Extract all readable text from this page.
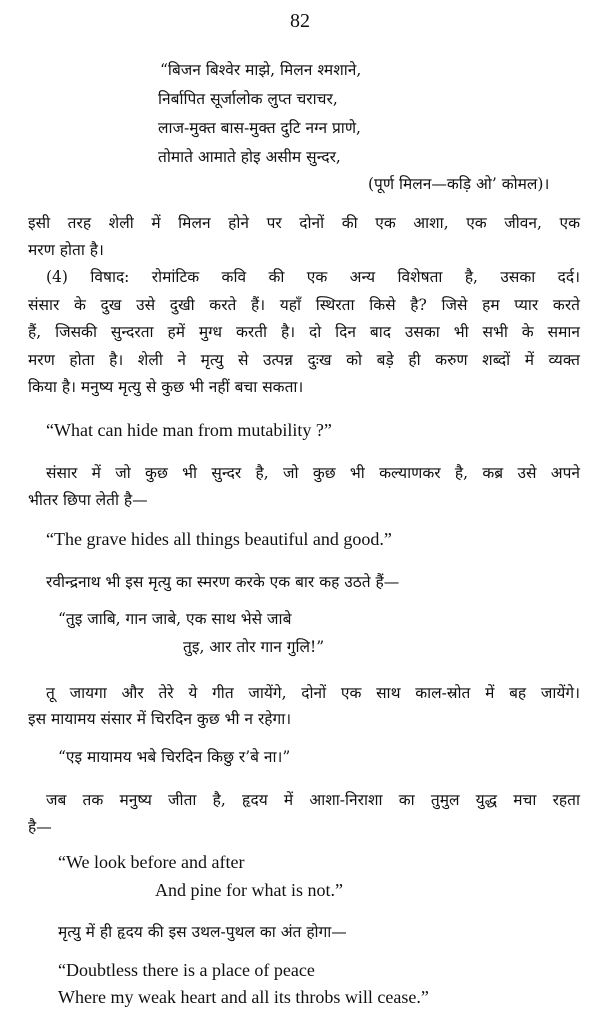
82
“बिजन बिश्वेर माझे, मिलन श्मशाने,
निर्बापित सूर्जालोक लुप्त चराचर,
लाज-मुक्त बास-मुक्त दुटि नग्न प्राणे,
तोमाते आमाते होइ असीम सुन्दर,
(पूर्ण मिलन—कड़ि ओ’ कोमल)।
इसी तरह शेली में मिलन होने पर दोनों की एक आशा, एक जीवन, एक
मरण होता है।
(4) विषाद: रोमांटिक कवि की एक अन्य विशेषता है, उसका दर्द।
संसार के दुख उसे दुखी करते हैं। यहाँ स्थिरता किसे है? जिसे हम प्यार करते
हैं, जिसकी सुन्दरता हमें मुग्ध करती है। दो दिन बाद उसका भी सभी के समान
मरण होता है। शेली ने मृत्यु से उत्पन्न दुःख को बड़े ही करुण शब्दों में व्यक्त
किया है। मनुष्य मृत्यु से कुछ भी नहीं बचा सकता।
“What can hide man from mutability ?”
संसार में जो कुछ भी सुन्दर है, जो कुछ भी कल्याणकर है, कब्र उसे अपने
भीतर छिपा लेती है—
“The grave hides all things beautiful and good.”
रवीन्द्रनाथ भी इस मृत्यु का स्मरण करके एक बार कह उठते हैं—
“तुइ जाबि, गान जाबे, एक साथ भेसे जाबे
तुइ, आर तोर गान गुलि!”
तू जायगा और तेरे ये गीत जायेंगे, दोनों एक साथ काल-स्रोत में बह जायेंगे।
इस मायामय संसार में चिरदिन कुछ भी न रहेगा।
“एइ मायामय भबे चिरदिन किछु र’बे ना।”
जब तक मनुष्य जीता है, हृदय में आशा-निराशा का तुमुल युद्ध मचा रहता
है—
“We look before and after
And pine for what is not.”
मृत्यु में ही हृदय की इस उथल-पुथल का अंत होगा—
“Doubtless there is a place of peace
Where my weak heart and all its throbs will cease.”
